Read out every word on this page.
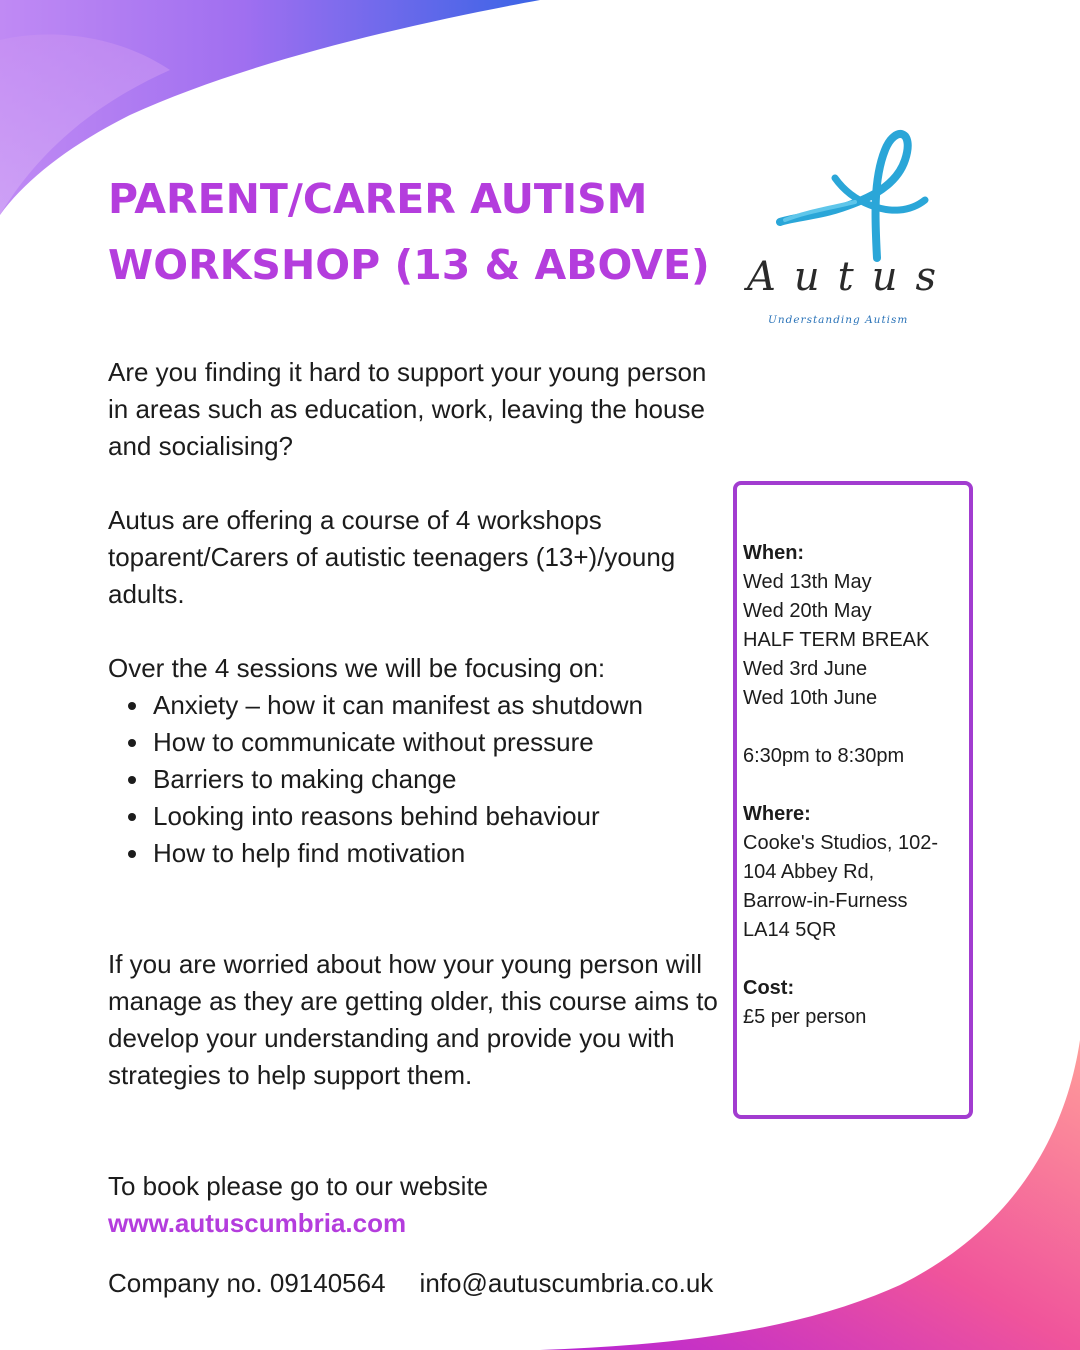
PARENT/CARER AUTISM
WORKSHOP (13 & ABOVE) Autus
Understanding Autism

Are you finding it hard to support your young person in areas such as education, work, leaving the house and socialising?

Autus are offering a course of 4 workshops toparent/Carers of autistic teenagers (13+)/young adults.

Over the 4 sessions we will be focusing on:

Anxiety – how it can manifest as shutdown
How to communicate without pressure
Barriers to making change
Looking into reasons behind behaviour
How to help find motivation

If you are worried about how your young person will manage as they are getting older, this course aims to develop your understanding and provide you with strategies to help support them.

To book please go to our website

www.autuscumbria.com
Company no. 09140564 info@autuscumbria.co.uk
When:
Wed 13th May
Wed 20th May
HALF TERM BREAK
Wed 3rd June
Wed 10th June
6:30pm to 8:30pm
Where:
Cooke's Studios, 102-
104 Abbey Rd,
Barrow-in-Furness
LA14 5QR
Cost:
£5 per person
